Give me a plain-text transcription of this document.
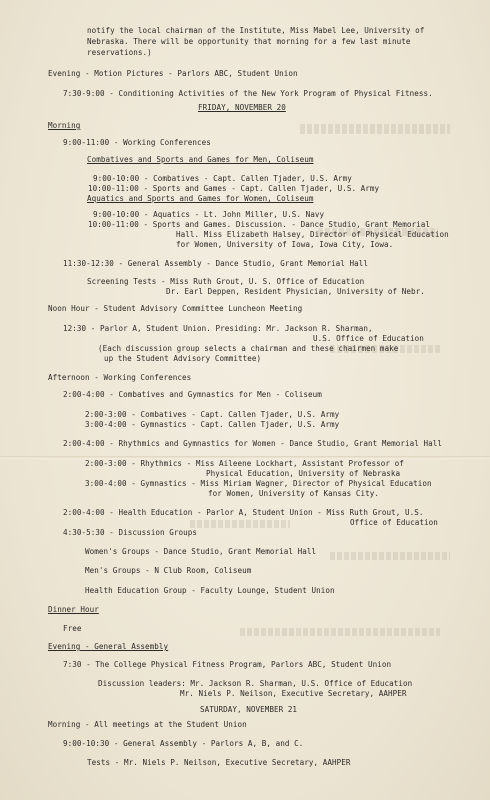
notify the local chairman of the Institute, Miss Mabel Lee, University of
Nebraska. There will be opportunity that morning for a few last minute
reservations.)
Evening - Motion Pictures - Parlors ABC, Student Union
7:30-9:00 - Conditioning Activities of the New York Program of Physical Fitness.
FRIDAY, NOVEMBER 20
Morning
9:00-11:00 - Working Conferences
Combatives and Sports and Games for Men, Coliseum
9:00-10:00 - Combatives - Capt. Callen Tjader, U.S. Army
10:00-11:00 - Sports and Games - Capt. Callen Tjader, U.S. Army
Aquatics and Sports and Games for Women, Coliseum
9:00-10:00 - Aquatics - Lt. John Miller, U.S. Navy
10:00-11:00 - Sports and Games. Discussion. - Dance Studio, Grant Memorial
Hall. Miss Elizabeth Halsey, Director of Physical Education
for Women, University of Iowa, Iowa City, Iowa.
11:30-12:30 - General Assembly - Dance Studio, Grant Memorial Hall
Screening Tests - Miss Ruth Grout, U. S. Office of Education
Dr. Earl Deppen, Resident Physician, University of Nebr.
Noon Hour - Student Advisory Committee Luncheon Meeting
12:30 - Parlor A, Student Union. Presiding: Mr. Jackson R. Sharman,
U.S. Office of Education
(Each discussion group selects a chairman and these chairmen make
up the Student Advisory Committee)
Afternoon - Working Conferences
2:00-4:00 - Combatives and Gymnastics for Men - Coliseum
2:00-3:00 - Combatives - Capt. Callen Tjader, U.S. Army
3:00-4:00 - Gymnastics - Capt. Callen Tjader, U.S. Army
2:00-4:00 - Rhythmics and Gymnastics for Women - Dance Studio, Grant Memorial Hall
2:00-3:00 - Rhythmics - Miss Aileene Lockhart, Assistant Professor of
Physical Education, University of Nebraska
3:00-4:00 - Gymnastics - Miss Miriam Wagner, Director of Physical Education
for Women, University of Kansas City.
2:00-4:00 - Health Education - Parlor A, Student Union - Miss Ruth Grout, U.S.
Office of Education
4:30-5:30 - Discussion Groups
Women's Groups - Dance Studio, Grant Memorial Hall
Men's Groups - N Club Room, Coliseum
Health Education Group - Faculty Lounge, Student Union
Dinner Hour
Free
Evening - General Assembly
7:30 - The College Physical Fitness Program, Parlors ABC, Student Union
Discussion leaders: Mr. Jackson R. Sharman, U.S. Office of Education
Mr. Niels P. Neilson, Executive Secretary, AAHPER
SATURDAY, NOVEMBER 21
Morning - All meetings at the Student Union
9:00-10:30 - General Assembly - Parlors A, B, and C.
Tests - Mr. Niels P. Neilson, Executive Secretary, AAHPER
